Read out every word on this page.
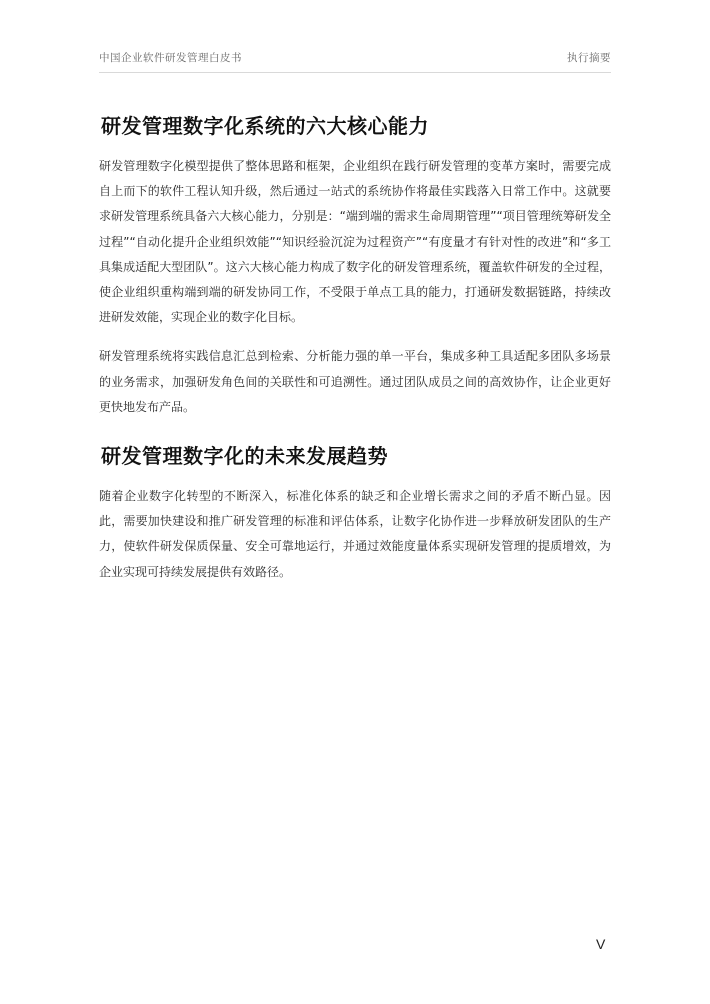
中国企业软件研发管理白皮书	执行摘要
研发管理数字化系统的六大核心能力

研发管理数字化模型提供了整体思路和框架，企业组织在践行研发管理的变革方案时，需要完成自上而下的软件工程认知升级，然后通过一站式的系统协作将最佳实践落入日常工作中。这就要求研发管理系统具备六大核心能力，分别是：“端到端的需求生命周期管理”“项目管理统筹研发全过程”“自动化提升企业组织效能”“知识经验沉淀为过程资产”“有度量才有针对性的改进”和“多工具集成适配大型团队”。这六大核心能力构成了数字化的研发管理系统，覆盖软件研发的全过程，使企业组织重构端到端的研发协同工作，不受限于单点工具的能力，打通研发数据链路，持续改进研发效能，实现企业的数字化目标。

研发管理系统将实践信息汇总到检索、分析能力强的单一平台，集成多种工具适配多团队多场景的业务需求，加强研发角色间的关联性和可追溯性。通过团队成员之间的高效协作，让企业更好更快地发布产品。

研发管理数字化的未来发展趋势

随着企业数字化转型的不断深入，标准化体系的缺乏和企业增长需求之间的矛盾不断凸显。因此，需要加快建设和推广研发管理的标准和评估体系，让数字化协作进一步释放研发团队的生产力，使软件研发保质保量、安全可靠地运行，并通过效能度量体系实现研发管理的提质增效，为企业实现可持续发展提供有效路径。

V
